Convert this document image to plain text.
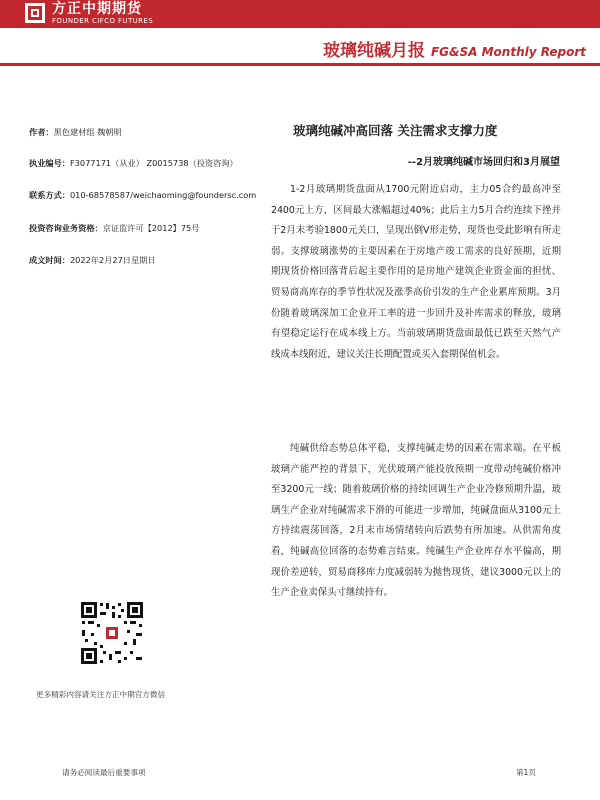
方正中期期货
FOUNDER CIFCO FUTURES
玻璃纯碱月报 FG&SA Monthly Report
作者：黑色建材组 魏朝明
执业编号：F3077171（从业） Z0015738（投资咨询）
联系方式：010-68578587/weichaoming@foundersc.com
投资咨询业务资格：京证监许可【2012】75号
成文时间：2022年2月27日星期日
玻璃纯碱冲高回落 关注需求支撑力度
--2月玻璃纯碱市场回归和3月展望

1-2月玻璃期货盘面从1700元附近启动，主力05合约最高冲至2400元上方，区间最大涨幅超过40%；此后主力5月合约连续下挫并于2月末考验1800元关口，呈现出倒V形走势，现货也受此影响有所走弱。支撑玻璃涨势的主要因素在于房地产竣工需求的良好预期，近期期现货价格回落背后起主要作用的是房地产建筑企业资金面的担忧、贸易商高库存的季节性状况及涨季高价引发的生产企业累库预期。3月份随着玻璃深加工企业开工率的进一步回升及补库需求的释放，玻璃有望稳定运行在成本线上方。当前玻璃期货盘面最低已跌至天然气产线成本线附近，建议关注长期配置或买入套期保值机会。

纯碱供给态势总体平稳，支撑纯碱走势的因素在需求端。在平板玻璃产能严控的背景下，光伏玻璃产能投放预期一度带动纯碱价格冲至3200元一线；随着玻璃价格的持续回调生产企业冷修预期升温，玻璃生产企业对纯碱需求下滑的可能进一步增加，纯碱盘面从3100元上方持续震荡回落，2月末市场情绪转向后跌势有所加速。从供需角度看，纯碱高位回落的态势难言结束。纯碱生产企业库存水平偏高，期现价差逆转，贸易商移库力度减弱转为抛售现货，建议3000元以上的生产企业卖保头寸继续持有。

更多精彩内容请关注方正中期官方微信
请务必阅读最后重要事项	第1页
